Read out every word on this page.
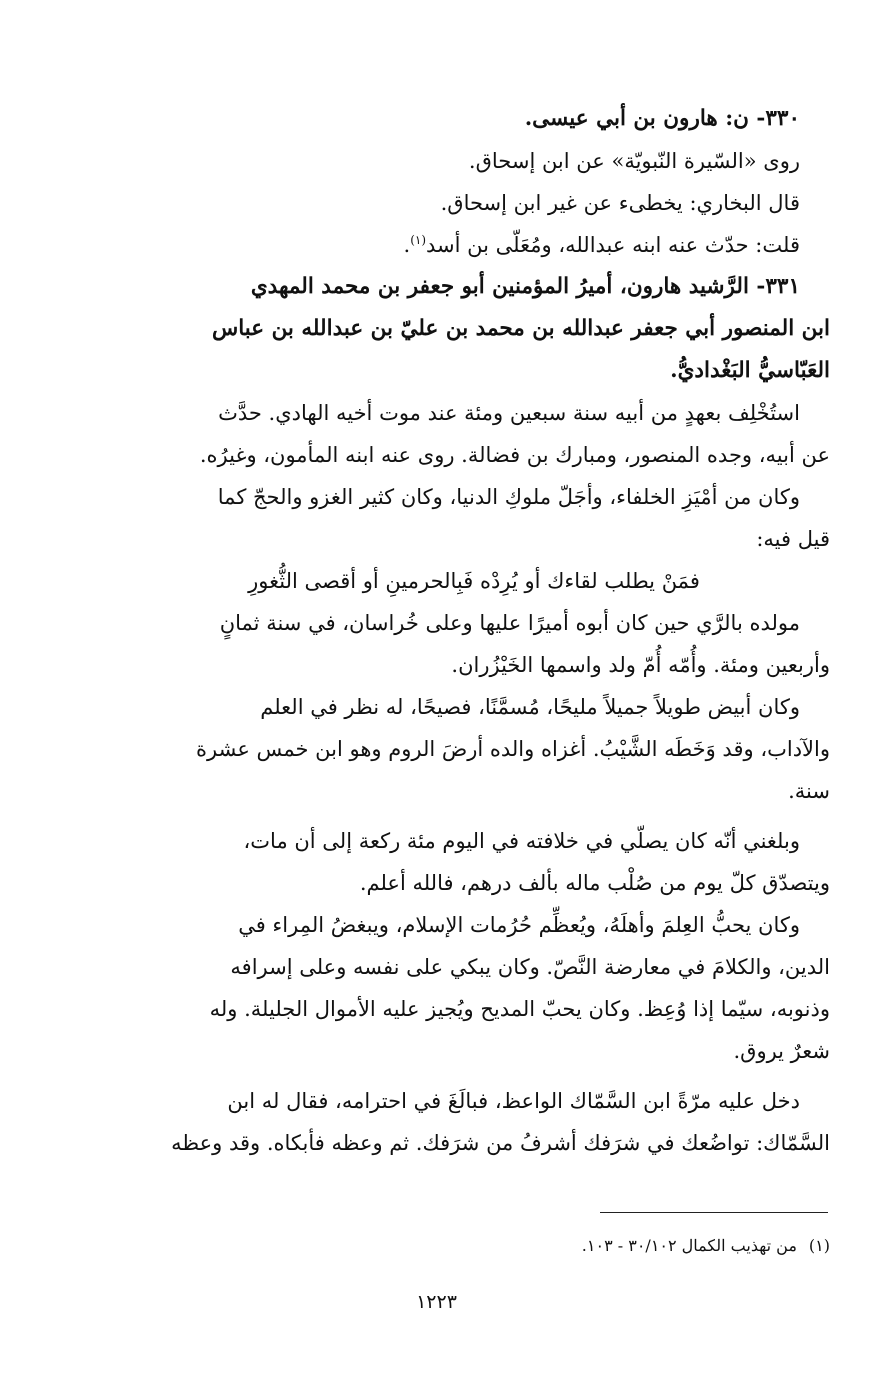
٣٣٠- ن: هارون بن أبي عيسى.
روى «السّيرة النّبويّة» عن ابن إسحاق.
قال البخاري: يخطىء عن غير ابن إسحاق.
قلت: حدّث عنه ابنه عبدالله، ومُعَلّى بن أسد$^{(١)}$.
٣٣١- الرَّشيد هارون، أميرُ المؤمنين أبو جعفر بن محمد المهدي
ابن المنصور أبي جعفر عبدالله بن محمد بن عليّ بن عبدالله بن عباس
العَبّاسيُّ البَغْداديُّ.
استُخْلِف بعهدٍ من أبيه سنة سبعين ومئة عند موت أخيه الهادي. حدَّث
عن أبيه، وجده المنصور، ومبارك بن فضالة. روى عنه ابنه المأمون، وغيرُه.
وكان من أمْيَزِ الخلفاء، وأجَلّ ملوكِ الدنيا، وكان كثير الغزو والحجّ كما
قيل فيه:
فمَنْ يطلب لقاءك أو يُرِدْه فَبِالحرمينِ أو أقصى الثُّغورِ
مولده بالرَّي حين كان أبوه أميرًا عليها وعلى خُراسان، في سنة ثمانٍ
وأربعين ومئة. وأُمّه أُمّ ولد واسمها الخَيْزُران.
وكان أبيض طويلاً جميلاً مليحًا، مُسمَّنًا، فصيحًا، له نظر في العلم
والآداب، وقد وَخَطَه الشَّيْبُ. أغزاه والده أرضَ الروم وهو ابن خمس عشرة
سنة.
وبلغني أنّه كان يصلّي في خلافته في اليوم مئة ركعة إلى أن مات،
ويتصدّق كلّ يوم من صُلْب ماله بألف درهم، فالله أعلم.
وكان يحبُّ العِلمَ وأهلَهُ، ويُعظِّم حُرُمات الإسلام، ويبغضُ المِراء في
الدين، والكلامَ في معارضة النَّصّ. وكان يبكي على نفسه وعلى إسرافه
وذنوبه، سيّما إذا وُعِظ. وكان يحبّ المديح ويُجيز عليه الأموال الجليلة. وله
شعرٌ يروق.
دخل عليه مرّةً ابن السَّمّاك الواعظ، فبالَغَ في احترامه، فقال له ابن
السَّمّاك: تواضُعك في شرَفك أشرفُ من شرَفك. ثم وعظه فأبكاه. وقد وعظه
(١)من تهذيب الكمال ٣٠/١٠٢ - ١٠٣.
١٢٢٣
